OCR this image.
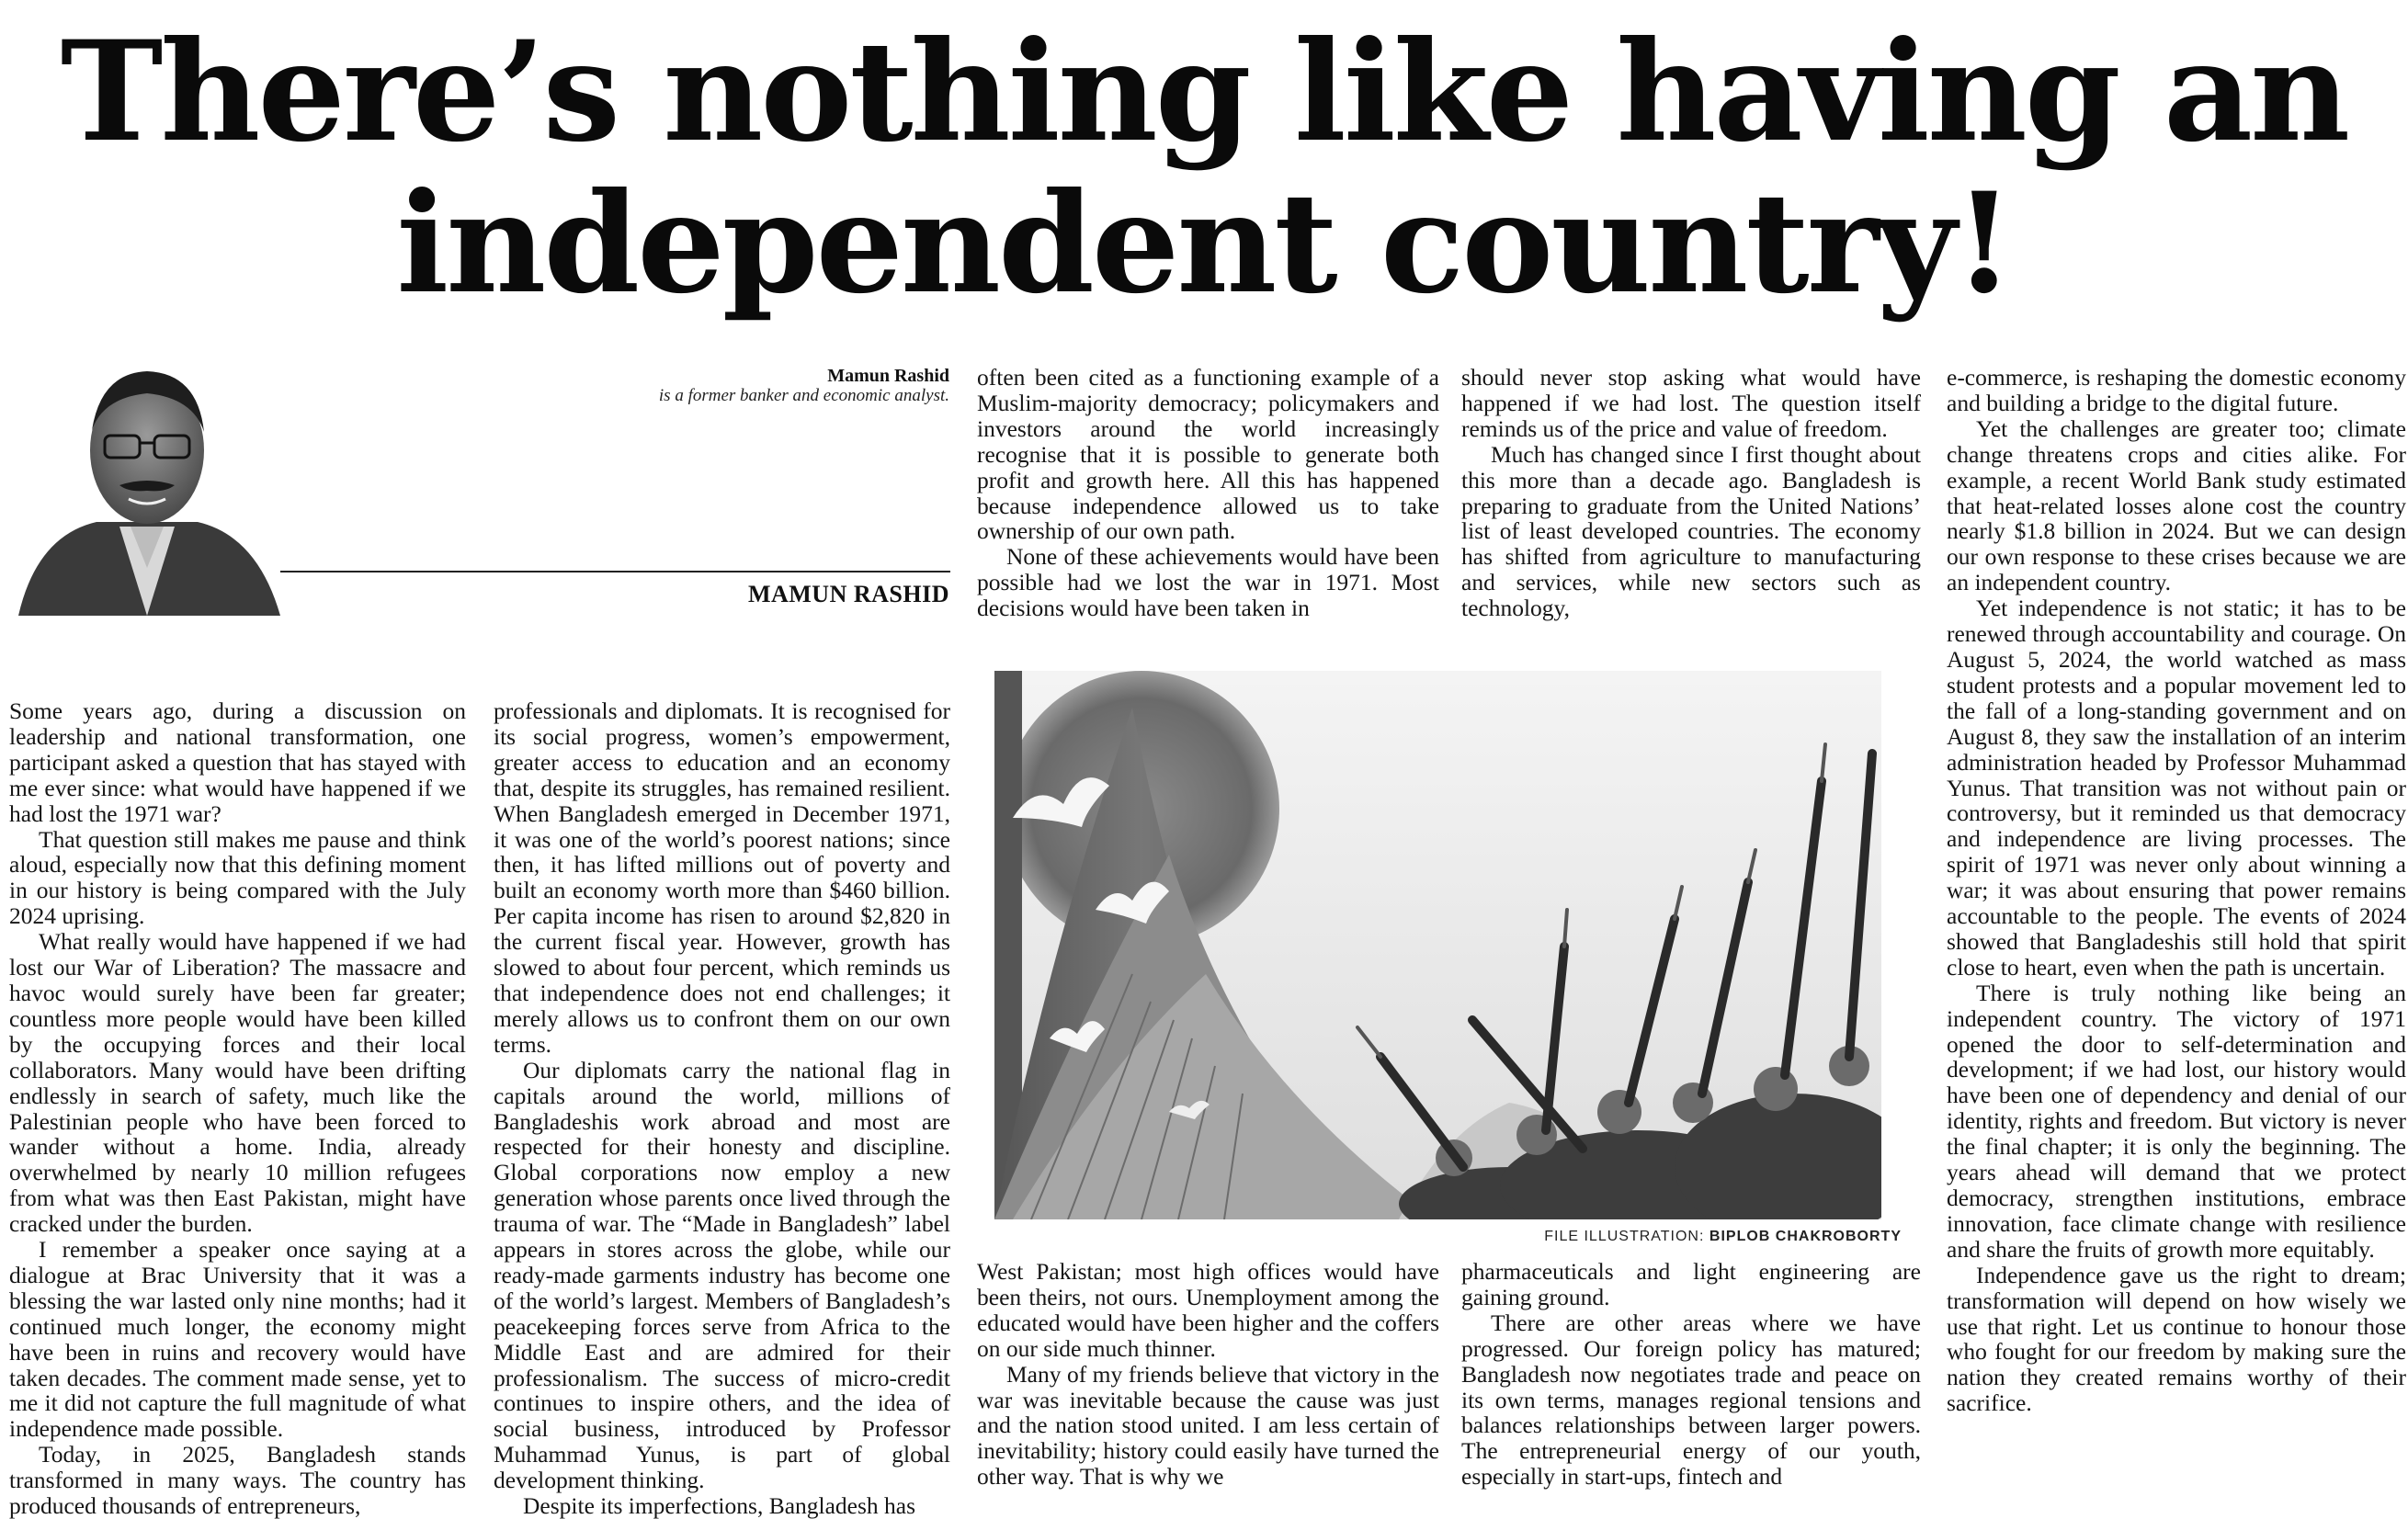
There’s nothing like having an
independent country!
Mamun Rashid
is a former banker and economic analyst.
MAMUN RASHID

Some years ago, during a discussion on leadership and national transformation, one participant asked a question that has stayed with me ever since: what would have happened if we had lost the 1971 war?

That question still makes me pause and think aloud, especially now that this defining moment in our history is being compared with the July 2024 uprising.

What really would have happened if we had lost our War of Liberation? The massacre and havoc would surely have been far greater; countless more people would have been killed by the occupying forces and their local collaborators. Many would have been drifting endlessly in search of safety, much like the Palestinian people who have been forced to wander without a home. India, already overwhelmed by nearly 10 million refugees from what was then East Pakistan, might have cracked under the burden.

I remember a speaker once saying at a dialogue at Brac University that it was a blessing the war lasted only nine months; had it continued much longer, the economy might have been in ruins and recovery would have taken decades. The comment made sense, yet to me it did not capture the full magnitude of what independence made possible.

Today, in 2025, Bangladesh stands transformed in many ways. The country has produced thousands of entrepreneurs,

professionals and diplomats. It is recognised for its social progress, women’s empowerment, greater access to education and an economy that, despite its struggles, has remained resilient. When Bangladesh emerged in December 1971, it was one of the world’s poorest nations; since then, it has lifted millions out of poverty and built an economy worth more than $460 billion. Per capita income has risen to around $2,820 in the current fiscal year. However, growth has slowed to about four percent, which reminds us that independence does not end challenges; it merely allows us to confront them on our own terms.

Our diplomats carry the national flag in capitals around the world, millions of Bangladeshis work abroad and most are respected for their honesty and discipline. Global corporations now employ a new generation whose parents once lived through the trauma of war. The “Made in Bangladesh” label appears in stores across the globe, while our ready-made garments industry has become one of the world’s largest. Members of Bangladesh’s peacekeeping forces serve from Africa to the Middle East and are admired for their professionalism. The success of micro-credit continues to inspire others, and the idea of social business, introduced by Professor Muhammad Yunus, is part of global development thinking.

Despite its imperfections, Bangladesh has

often been cited as a functioning example of a Muslim-majority democracy; policymakers and investors around the world increasingly recognise that it is possible to generate both profit and growth here. All this has happened because independence allowed us to take ownership of our own path.

None of these achievements would have been possible had we lost the war in 1971. Most decisions would have been taken in

should never stop asking what would have happened if we had lost. The question itself reminds us of the price and value of freedom.

Much has changed since I first thought about this more than a decade ago. Bangladesh is preparing to graduate from the United Nations’ list of least developed countries. The economy has shifted from agriculture to manufacturing and services, while new sectors such as technology,

FILE ILLUSTRATION: BIPLOB CHAKROBORTY

West Pakistan; most high offices would have been theirs, not ours. Unemployment among the educated would have been higher and the coffers on our side much thinner.

Many of my friends believe that victory in the war was inevitable because the cause was just and the nation stood united. I am less certain of inevitability; history could easily have turned the other way. That is why we

pharmaceuticals and light engineering are gaining ground.

There are other areas where we have progressed. Our foreign policy has matured; Bangladesh now negotiates trade and peace on its own terms, manages regional tensions and balances relationships between larger powers. The entrepreneurial energy of our youth, especially in start-ups, fintech and

e-commerce, is reshaping the domestic economy and building a bridge to the digital future.

Yet the challenges are greater too; climate change threatens crops and cities alike. For example, a recent World Bank study estimated that heat-related losses alone cost the country nearly $1.8 billion in 2024. But we can design our own response to these crises because we are an independent country.

Yet independence is not static; it has to be renewed through accountability and courage. On August 5, 2024, the world watched as mass student protests and a popular movement led to the fall of a long-standing government and on August 8, they saw the installation of an interim administration headed by Professor Muhammad Yunus. That transition was not without pain or controversy, but it reminded us that democracy and independence are living processes. The spirit of 1971 was never only about winning a war; it was about ensuring that power remains accountable to the people. The events of 2024 showed that Bangladeshis still hold that spirit close to heart, even when the path is uncertain.

There is truly nothing like being an independent country. The victory of 1971 opened the door to self-determination and development; if we had lost, our history would have been one of dependency and denial of our identity, rights and freedom. But victory is never the final chapter; it is only the beginning. The years ahead will demand that we protect democracy, strengthen institutions, embrace innovation, face climate change with resilience and share the fruits of growth more equitably.

Independence gave us the right to dream; transformation will depend on how wisely we use that right. Let us continue to honour those who fought for our freedom by making sure the nation they created remains worthy of their sacrifice.
